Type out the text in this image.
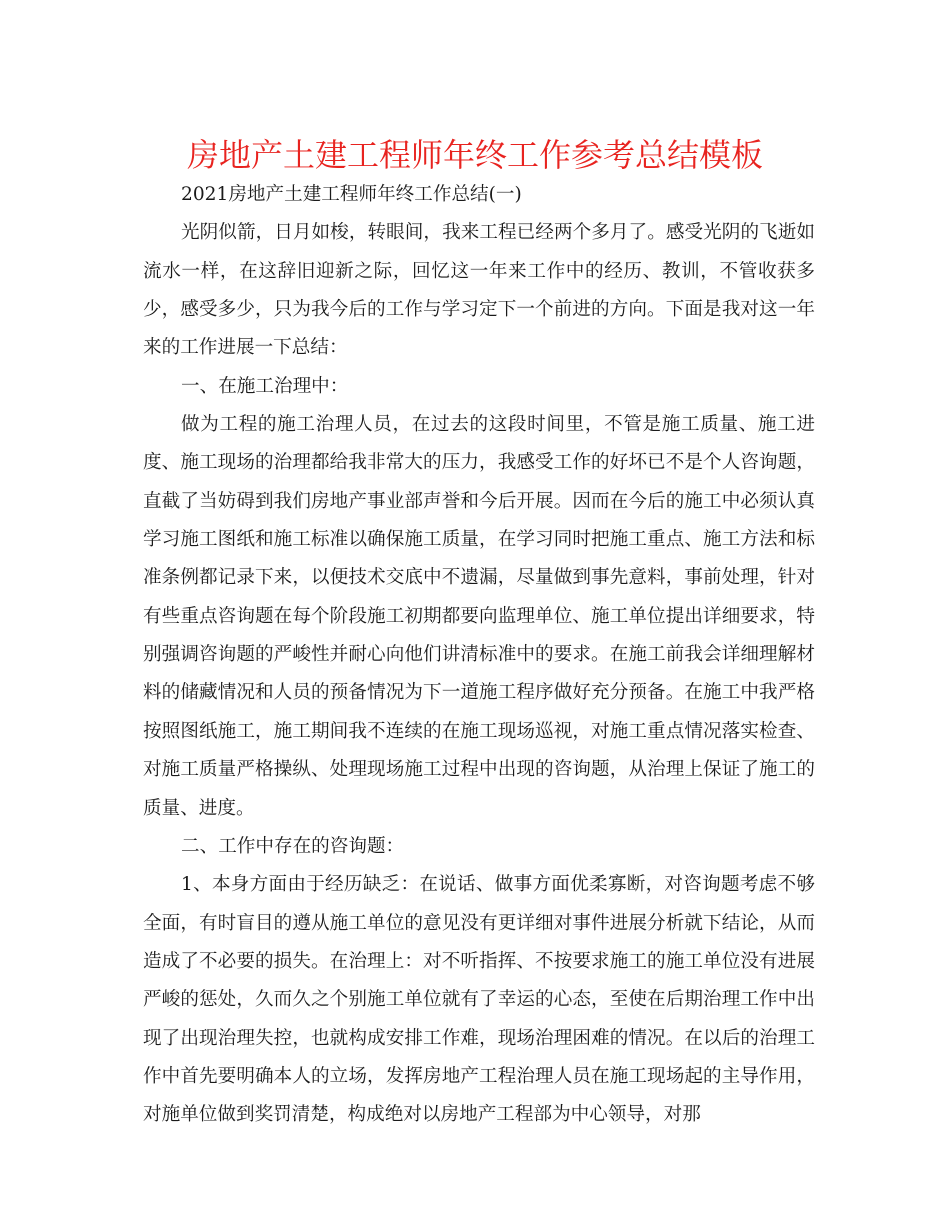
房地产土建工程师年终工作参考总结模板

2021房地产土建工程师年终工作总结(一)

光阴似箭，日月如梭，转眼间，我来工程已经两个多月了。感受光阴的飞逝如流水一样，在这辞旧迎新之际，回忆这一年来工作中的经历、教训，不管收获多少，感受多少，只为我今后的工作与学习定下一个前进的方向。下面是我对这一年来的工作进展一下总结：

一、在施工治理中：

做为工程的施工治理人员，在过去的这段时间里，不管是施工质量、施工进度、施工现场的治理都给我非常大的压力，我感受工作的好坏已不是个人咨询题，直截了当妨碍到我们房地产事业部声誉和今后开展。因而在今后的施工中必须认真学习施工图纸和施工标准以确保施工质量，在学习同时把施工重点、施工方法和标准条例都记录下来，以便技术交底中不遗漏，尽量做到事先意料，事前处理，针对有些重点咨询题在每个阶段施工初期都要向监理单位、施工单位提出详细要求，特别强调咨询题的严峻性并耐心向他们讲清标准中的要求。在施工前我会详细理解材料的储藏情况和人员的预备情况为下一道施工程序做好充分预备。在施工中我严格按照图纸施工，施工期间我不连续的在施工现场巡视，对施工重点情况落实检查、对施工质量严格操纵、处理现场施工过程中出现的咨询题，从治理上保证了施工的质量、进度。

二、工作中存在的咨询题：

1、本身方面由于经历缺乏：在说话、做事方面优柔寡断，对咨询题考虑不够全面，有时盲目的遵从施工单位的意见没有更详细对事件进展分析就下结论，从而造成了不必要的损失。在治理上：对不听指挥、不按要求施工的施工单位没有进展严峻的惩处，久而久之个别施工单位就有了幸运的心态，至使在后期治理工作中出现了出现治理失控，也就构成安排工作难，现场治理困难的情况。在以后的治理工作中首先要明确本人的立场，发挥房地产工程治理人员在施工现场起的主导作用，对施单位做到奖罚清楚，构成绝对以房地产工程部为中心领导，对那
